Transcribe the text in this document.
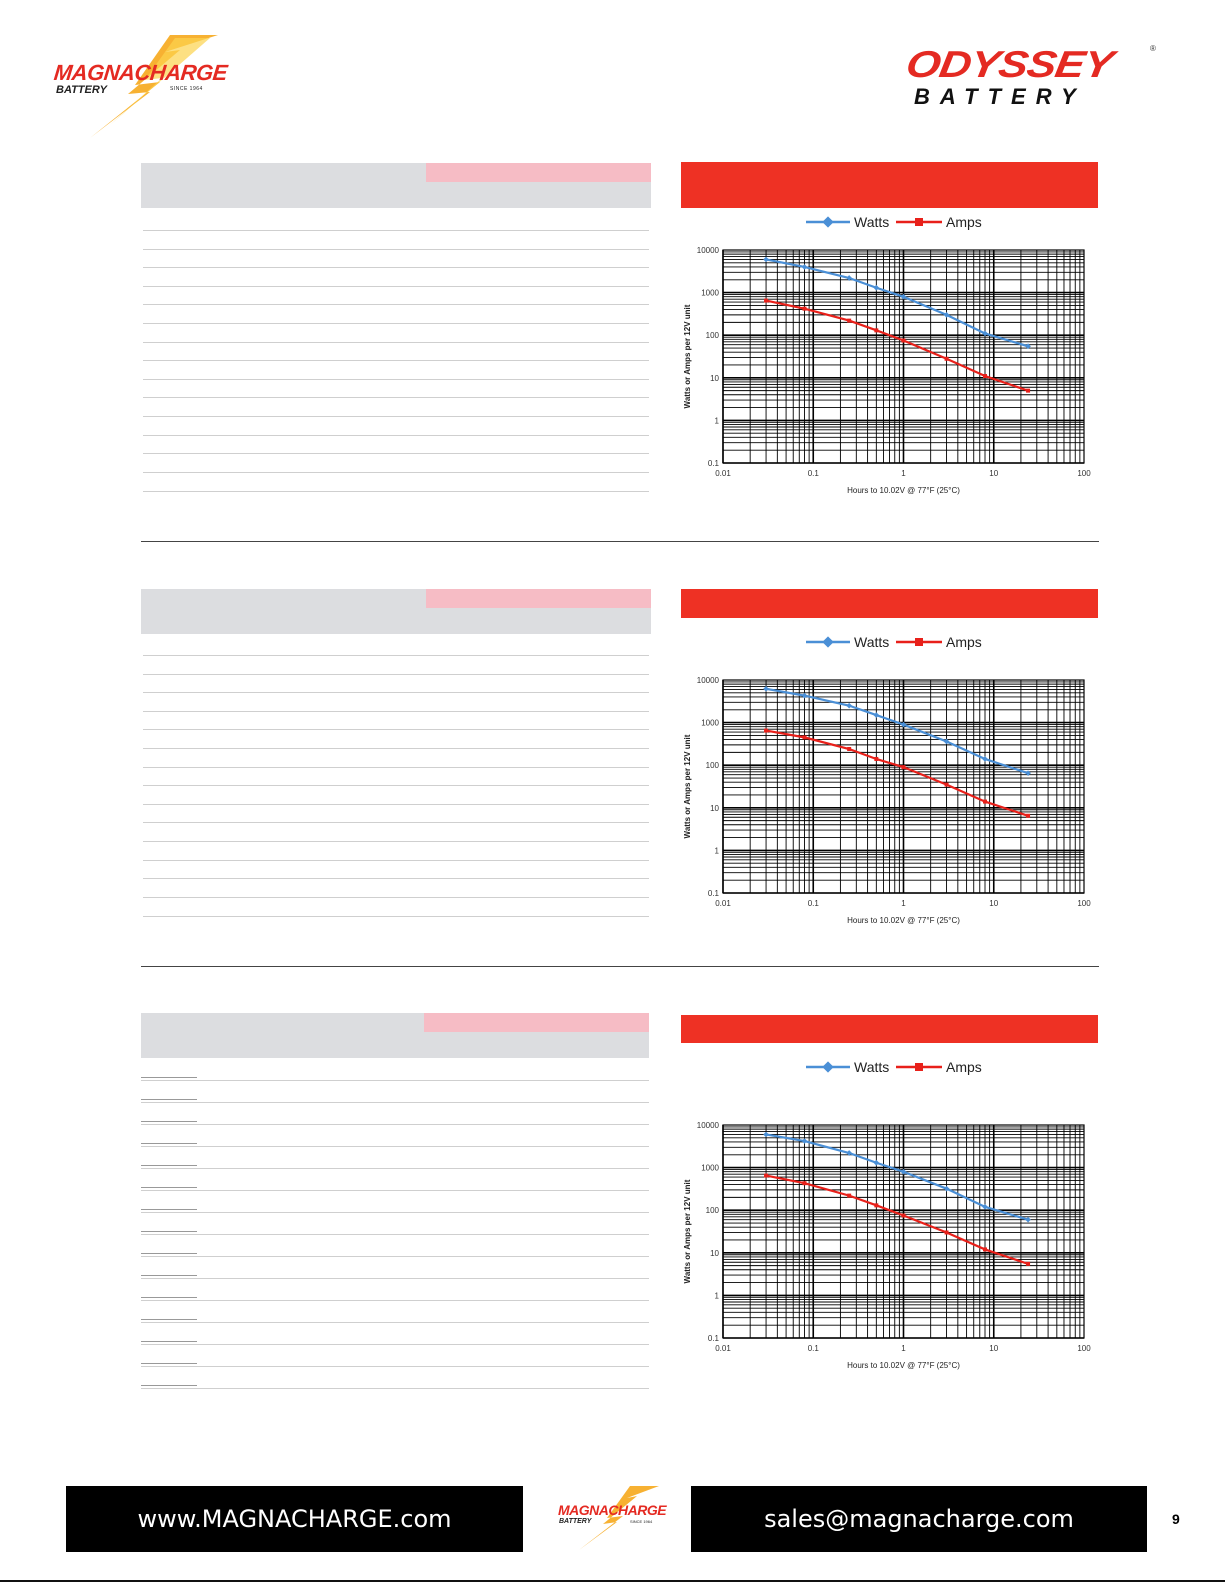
MAGNACHARGE
BATTERY	SINCE 1964
ODYSSEY	®
BATTERY
Watts	Amps
10000
1000
100
10
1
0.1
0.01	0.1	1	10	100
Hours to 10.02V @ 77°F (25°C)
Watts or Amps per 12V unit
Watts	Amps
10000
1000
100
10
1
0.1
0.01	0.1	1	10	100
Hours to 10.02V @ 77°F (25°C)
Watts or Amps per 12V unit
Watts	Amps
10000
1000
100
10
1
0.1
0.01	0.1	1	10	100
Hours to 10.02V @ 77°F (25°C)
Watts or Amps per 12V unit
www.MAGNACHARGE.com	MAGNACHARGE
BATTERY	SINCE 1964	sales@magnacharge.com	9
